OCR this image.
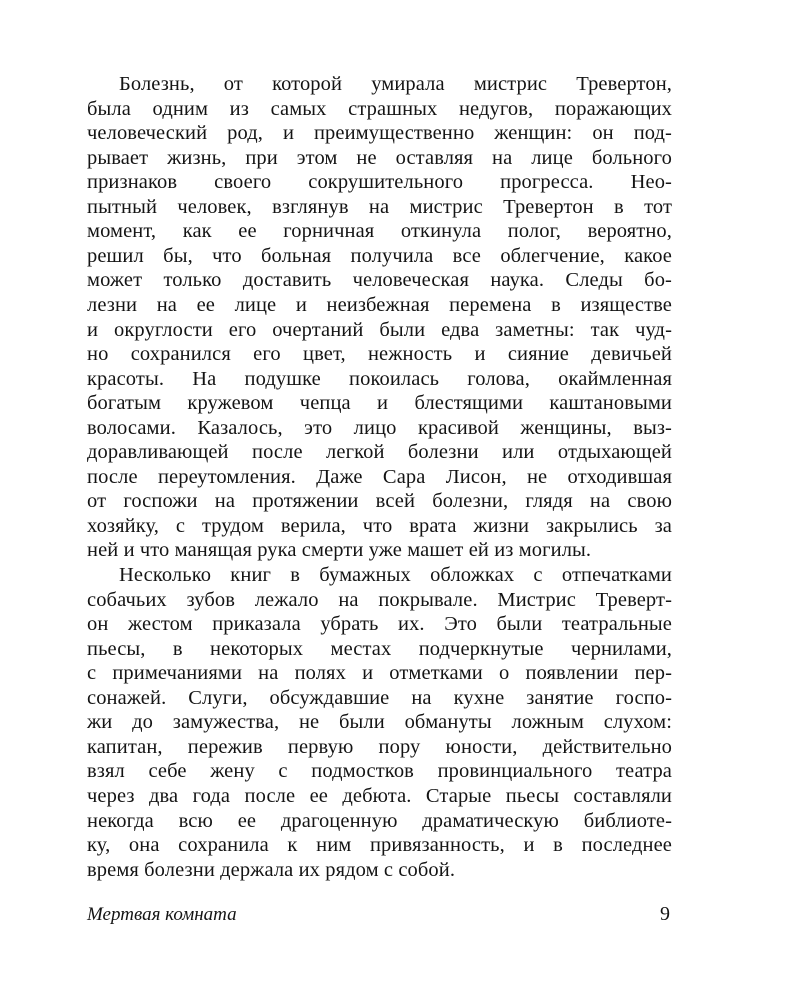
Болезнь, от которой умирала мистрис Тревертон,
была одним из самых страшных недугов, поражающих
человеческий род, и преимущественно женщин: он под-
рывает жизнь, при этом не оставляя на лице больного
признаков своего сокрушительного прогресса. Нео-
пытный человек, взглянув на мистрис Тревертон в тот
момент, как ее горничная откинула полог, вероятно,
решил бы, что больная получила все облегчение, какое
может только доставить человеческая наука. Следы бо-
лезни на ее лице и неизбежная перемена в изяществе
и округлости его очертаний были едва заметны: так чуд-
но сохранился его цвет, нежность и сияние девичьей
красоты. На подушке покоилась голова, окаймленная
богатым кружевом чепца и блестящими каштановыми
волосами. Казалось, это лицо красивой женщины, выз-
доравливающей после легкой болезни или отдыхающей
после переутомления. Даже Сара Лисон, не отходившая
от госпожи на протяжении всей болезни, глядя на свою
хозяйку, с трудом верила, что врата жизни закрылись за
ней и что манящая рука смерти уже машет ей из могилы.
Несколько книг в бумажных обложках с отпечатками
собачьих зубов лежало на покрывале. Мистрис Треверт-
он жестом приказала убрать их. Это были театральные
пьесы, в некоторых местах подчеркнутые чернилами,
с примечаниями на полях и отметками о появлении пер-
сонажей. Слуги, обсуждавшие на кухне занятие госпо-
жи до замужества, не были обмануты ложным слухом:
капитан, пережив первую пору юности, действительно
взял себе жену с подмостков провинциального театра
через два года после ее дебюта. Старые пьесы составляли
некогда всю ее драгоценную драматическую библиоте-
ку, она сохранила к ним привязанность, и в последнее
время болезни держала их рядом с собой.
Мертвая комната	9
